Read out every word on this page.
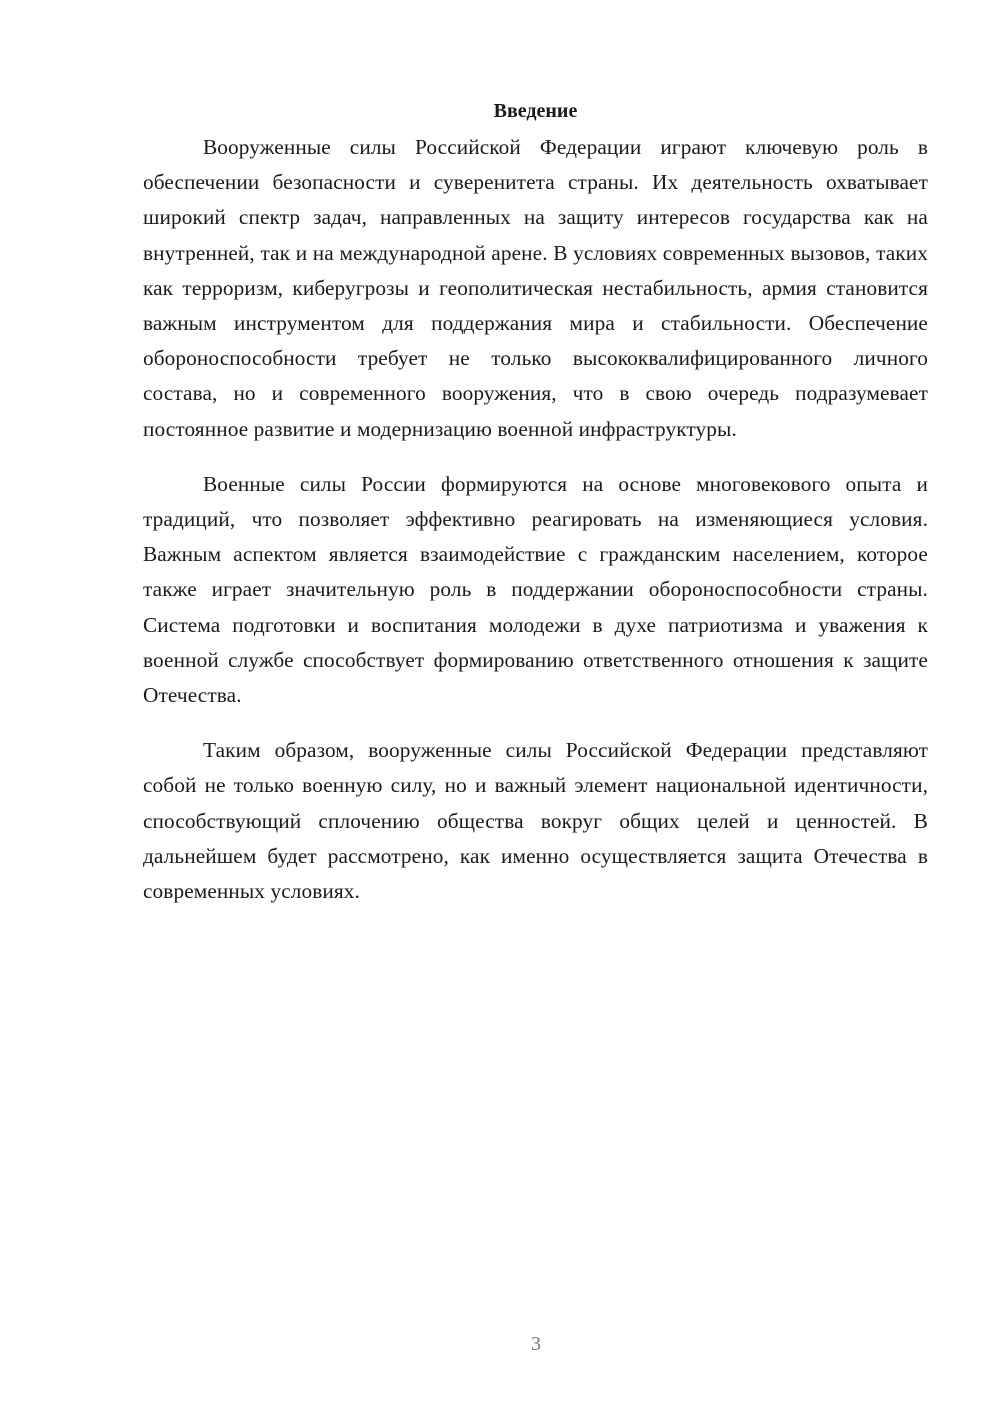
Введение

Вооруженные силы Российской Федерации играют ключевую роль в обеспечении безопасности и суверенитета страны. Их деятельность охватывает широкий спектр задач, направленных на защиту интересов государства как на внутренней, так и на международной арене. В условиях современных вызовов, таких как терроризм, киберугрозы и геополитическая нестабильность, армия становится важным инструментом для поддержания мира и стабильности. Обеспечение обороноспособности требует не только высококвалифицированного личного состава, но и современного вооружения, что в свою очередь подразумевает постоянное развитие и модернизацию военной инфраструктуры.

Военные силы России формируются на основе многовекового опыта и традиций, что позволяет эффективно реагировать на изменяющиеся условия. Важным аспектом является взаимодействие с гражданским населением, которое также играет значительную роль в поддержании обороноспособности страны. Система подготовки и воспитания молодежи в духе патриотизма и уважения к военной службе способствует формированию ответственного отношения к защите Отечества.

Таким образом, вооруженные силы Российской Федерации представляют собой не только военную силу, но и важный элемент национальной идентичности, способствующий сплочению общества вокруг общих целей и ценностей. В дальнейшем будет рассмотрено, как именно осуществляется защита Отечества в современных условиях.

3
